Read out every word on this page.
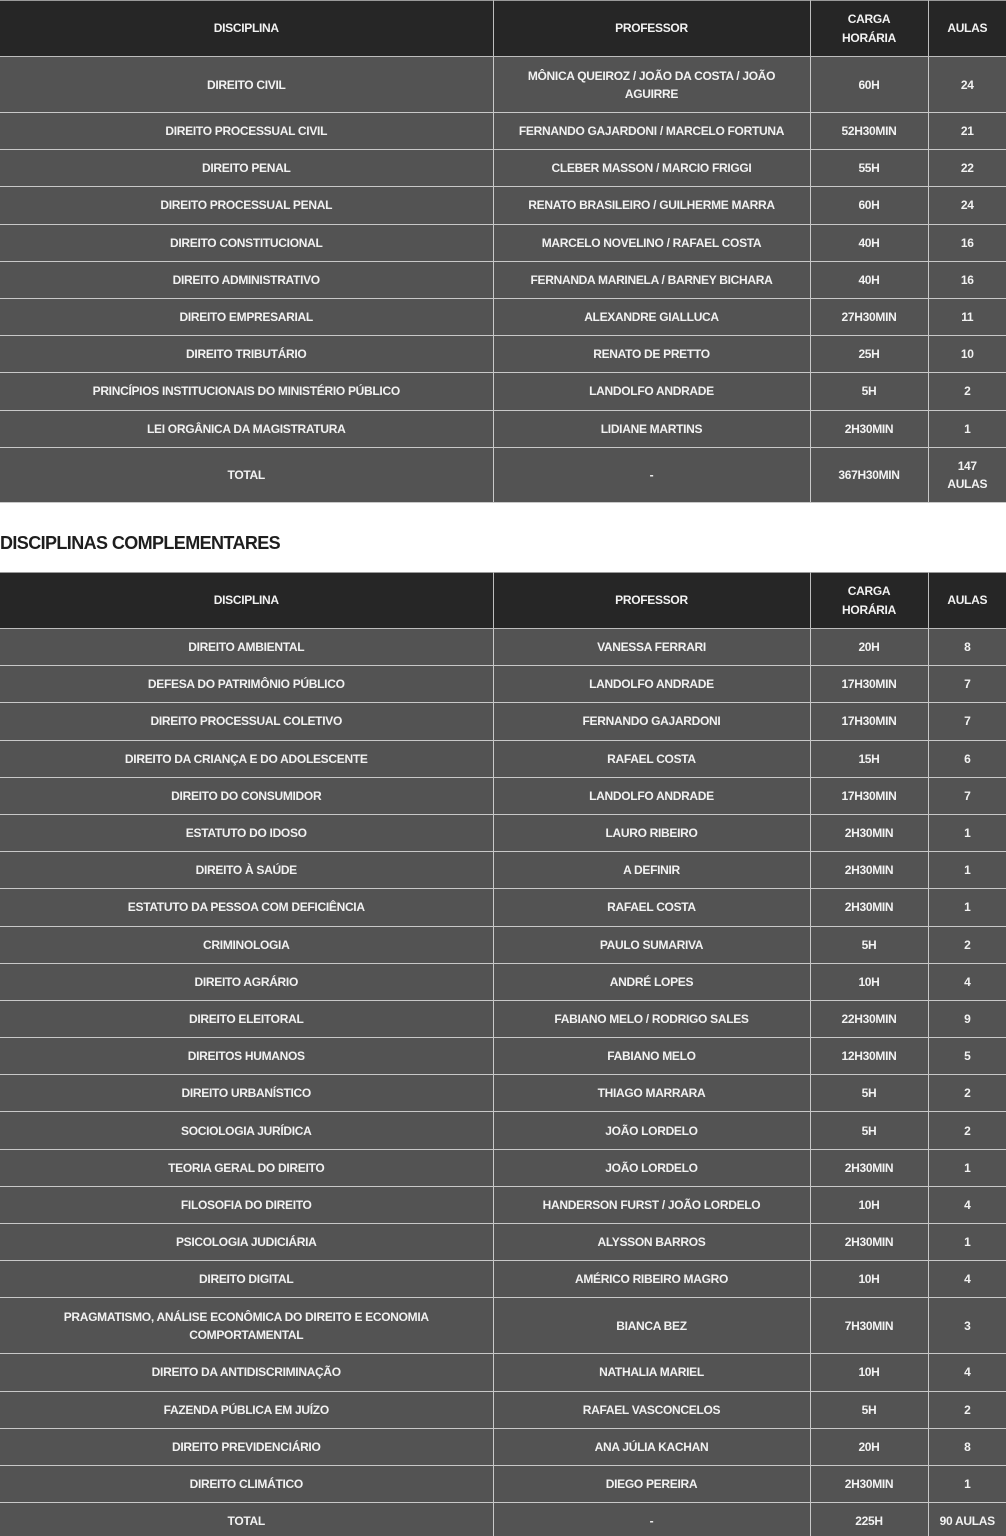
DISCIPLINA	PROFESSOR	CARGA HORÁRIA	AULAS
DIREITO CIVIL	MÔNICA QUEIROZ / JOÃO DA COSTA / JOÃO AGUIRRE	60H	24
DIREITO PROCESSUAL CIVIL	FERNANDO GAJARDONI / MARCELO FORTUNA	52H30MIN	21
DIREITO PENAL	CLEBER MASSON / MARCIO FRIGGI	55H	22
DIREITO PROCESSUAL PENAL	RENATO BRASILEIRO / GUILHERME MARRA	60H	24
DIREITO CONSTITUCIONAL	MARCELO NOVELINO / RAFAEL COSTA	40H	16
DIREITO ADMINISTRATIVO	FERNANDA MARINELA / BARNEY BICHARA	40H	16
DIREITO EMPRESARIAL	ALEXANDRE GIALLUCA	27H30MIN	11
DIREITO TRIBUTÁRIO	RENATO DE PRETTO	25H	10
PRINCÍPIOS INSTITUCIONAIS DO MINISTÉRIO PÚBLICO	LANDOLFO ANDRADE	5H	2
LEI ORGÂNICA DA MAGISTRATURA	LIDIANE MARTINS	2H30MIN	1
TOTAL	-	367H30MIN	147 AULAS
DISCIPLINAS COMPLEMENTARES
DISCIPLINA	PROFESSOR	CARGA HORÁRIA	AULAS
DIREITO AMBIENTAL	VANESSA FERRARI	20H	8
DEFESA DO PATRIMÔNIO PÚBLICO	LANDOLFO ANDRADE	17H30MIN	7
DIREITO PROCESSUAL COLETIVO	FERNANDO GAJARDONI	17H30MIN	7
DIREITO DA CRIANÇA E DO ADOLESCENTE	RAFAEL COSTA	15H	6
DIREITO DO CONSUMIDOR	LANDOLFO ANDRADE	17H30MIN	7
ESTATUTO DO IDOSO	LAURO RIBEIRO	2H30MIN	1
DIREITO À SAÚDE	A DEFINIR	2H30MIN	1
ESTATUTO DA PESSOA COM DEFICIÊNCIA	RAFAEL COSTA	2H30MIN	1
CRIMINOLOGIA	PAULO SUMARIVA	5H	2
DIREITO AGRÁRIO	ANDRÉ LOPES	10H	4
DIREITO ELEITORAL	FABIANO MELO / RODRIGO SALES	22H30MIN	9
DIREITOS HUMANOS	FABIANO MELO	12H30MIN	5
DIREITO URBANÍSTICO	THIAGO MARRARA	5H	2
SOCIOLOGIA JURÍDICA	JOÃO LORDELO	5H	2
TEORIA GERAL DO DIREITO	JOÃO LORDELO	2H30MIN	1
FILOSOFIA DO DIREITO	HANDERSON FURST / JOÃO LORDELO	10H	4
PSICOLOGIA JUDICIÁRIA	ALYSSON BARROS	2H30MIN	1
DIREITO DIGITAL	AMÉRICO RIBEIRO MAGRO	10H	4
PRAGMATISMO, ANÁLISE ECONÔMICA DO DIREITO E ECONOMIA COMPORTAMENTAL	BIANCA BEZ	7H30MIN	3
DIREITO DA ANTIDISCRIMINAÇÃO	NATHALIA MARIEL	10H	4
FAZENDA PÚBLICA EM JUÍZO	RAFAEL VASCONCELOS	5H	2
DIREITO PREVIDENCIÁRIO	ANA JÚLIA KACHAN	20H	8
DIREITO CLIMÁTICO	DIEGO PEREIRA	2H30MIN	1
TOTAL	-	225H	90 AULAS
